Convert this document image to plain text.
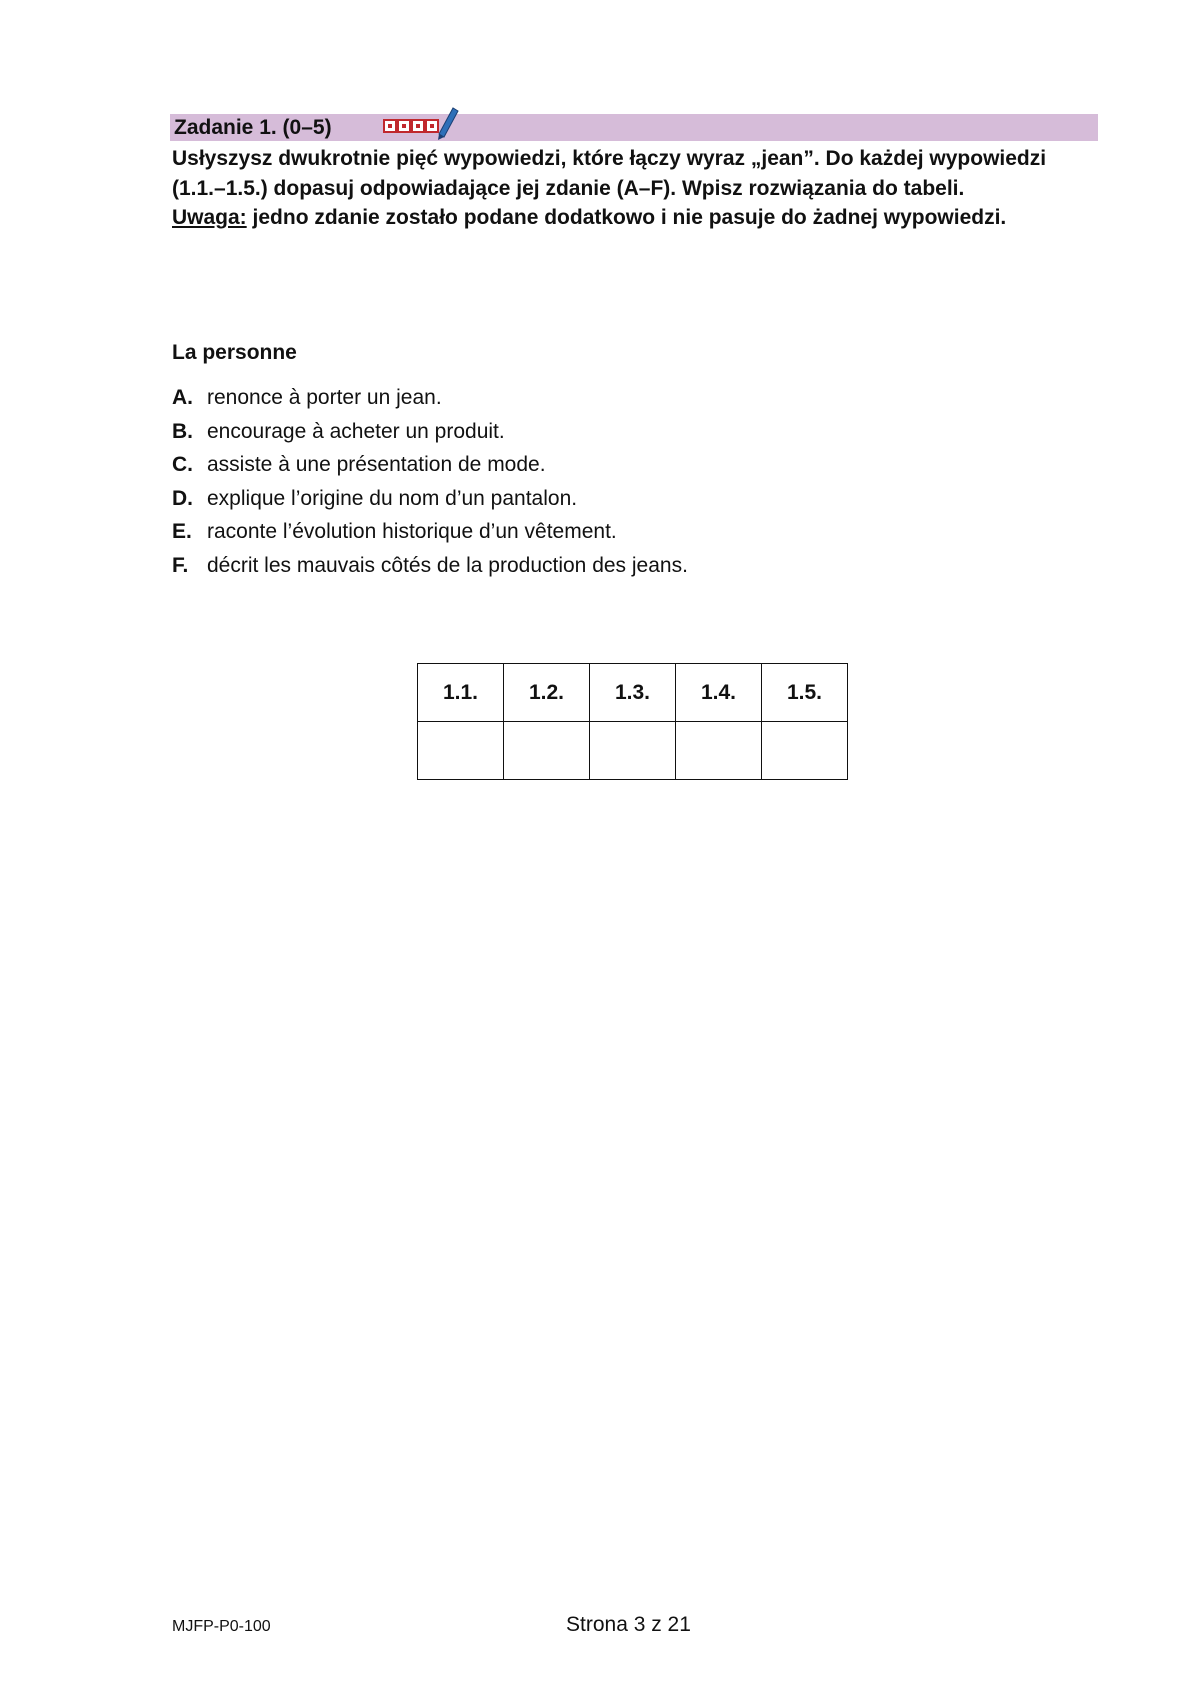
Zadanie 1. (0–5)

Usłyszysz dwukrotnie pięć wypowiedzi, które łączy wyraz „jean”. Do każdej wypowiedzi (1.1.–1.5.) dopasuj odpowiadające jej zdanie (A–F). Wpisz rozwiązania do tabeli.

Uwaga: jedno zdanie zostało podane dodatkowo i nie pasuje do żadnej wypowiedzi.

La personne
A. renonce à porter un jean.
B. encourage à acheter un produit.
C. assiste à une présentation de mode.
D. explique l’origine du nom d’un pantalon.
E. raconte l’évolution historique d’un vêtement.
F. décrit les mauvais côtés de la production des jeans.
1.1.	1.2.	1.3.	1.4.	1.5.

MJFP-P0-100	Strona 3 z 21
